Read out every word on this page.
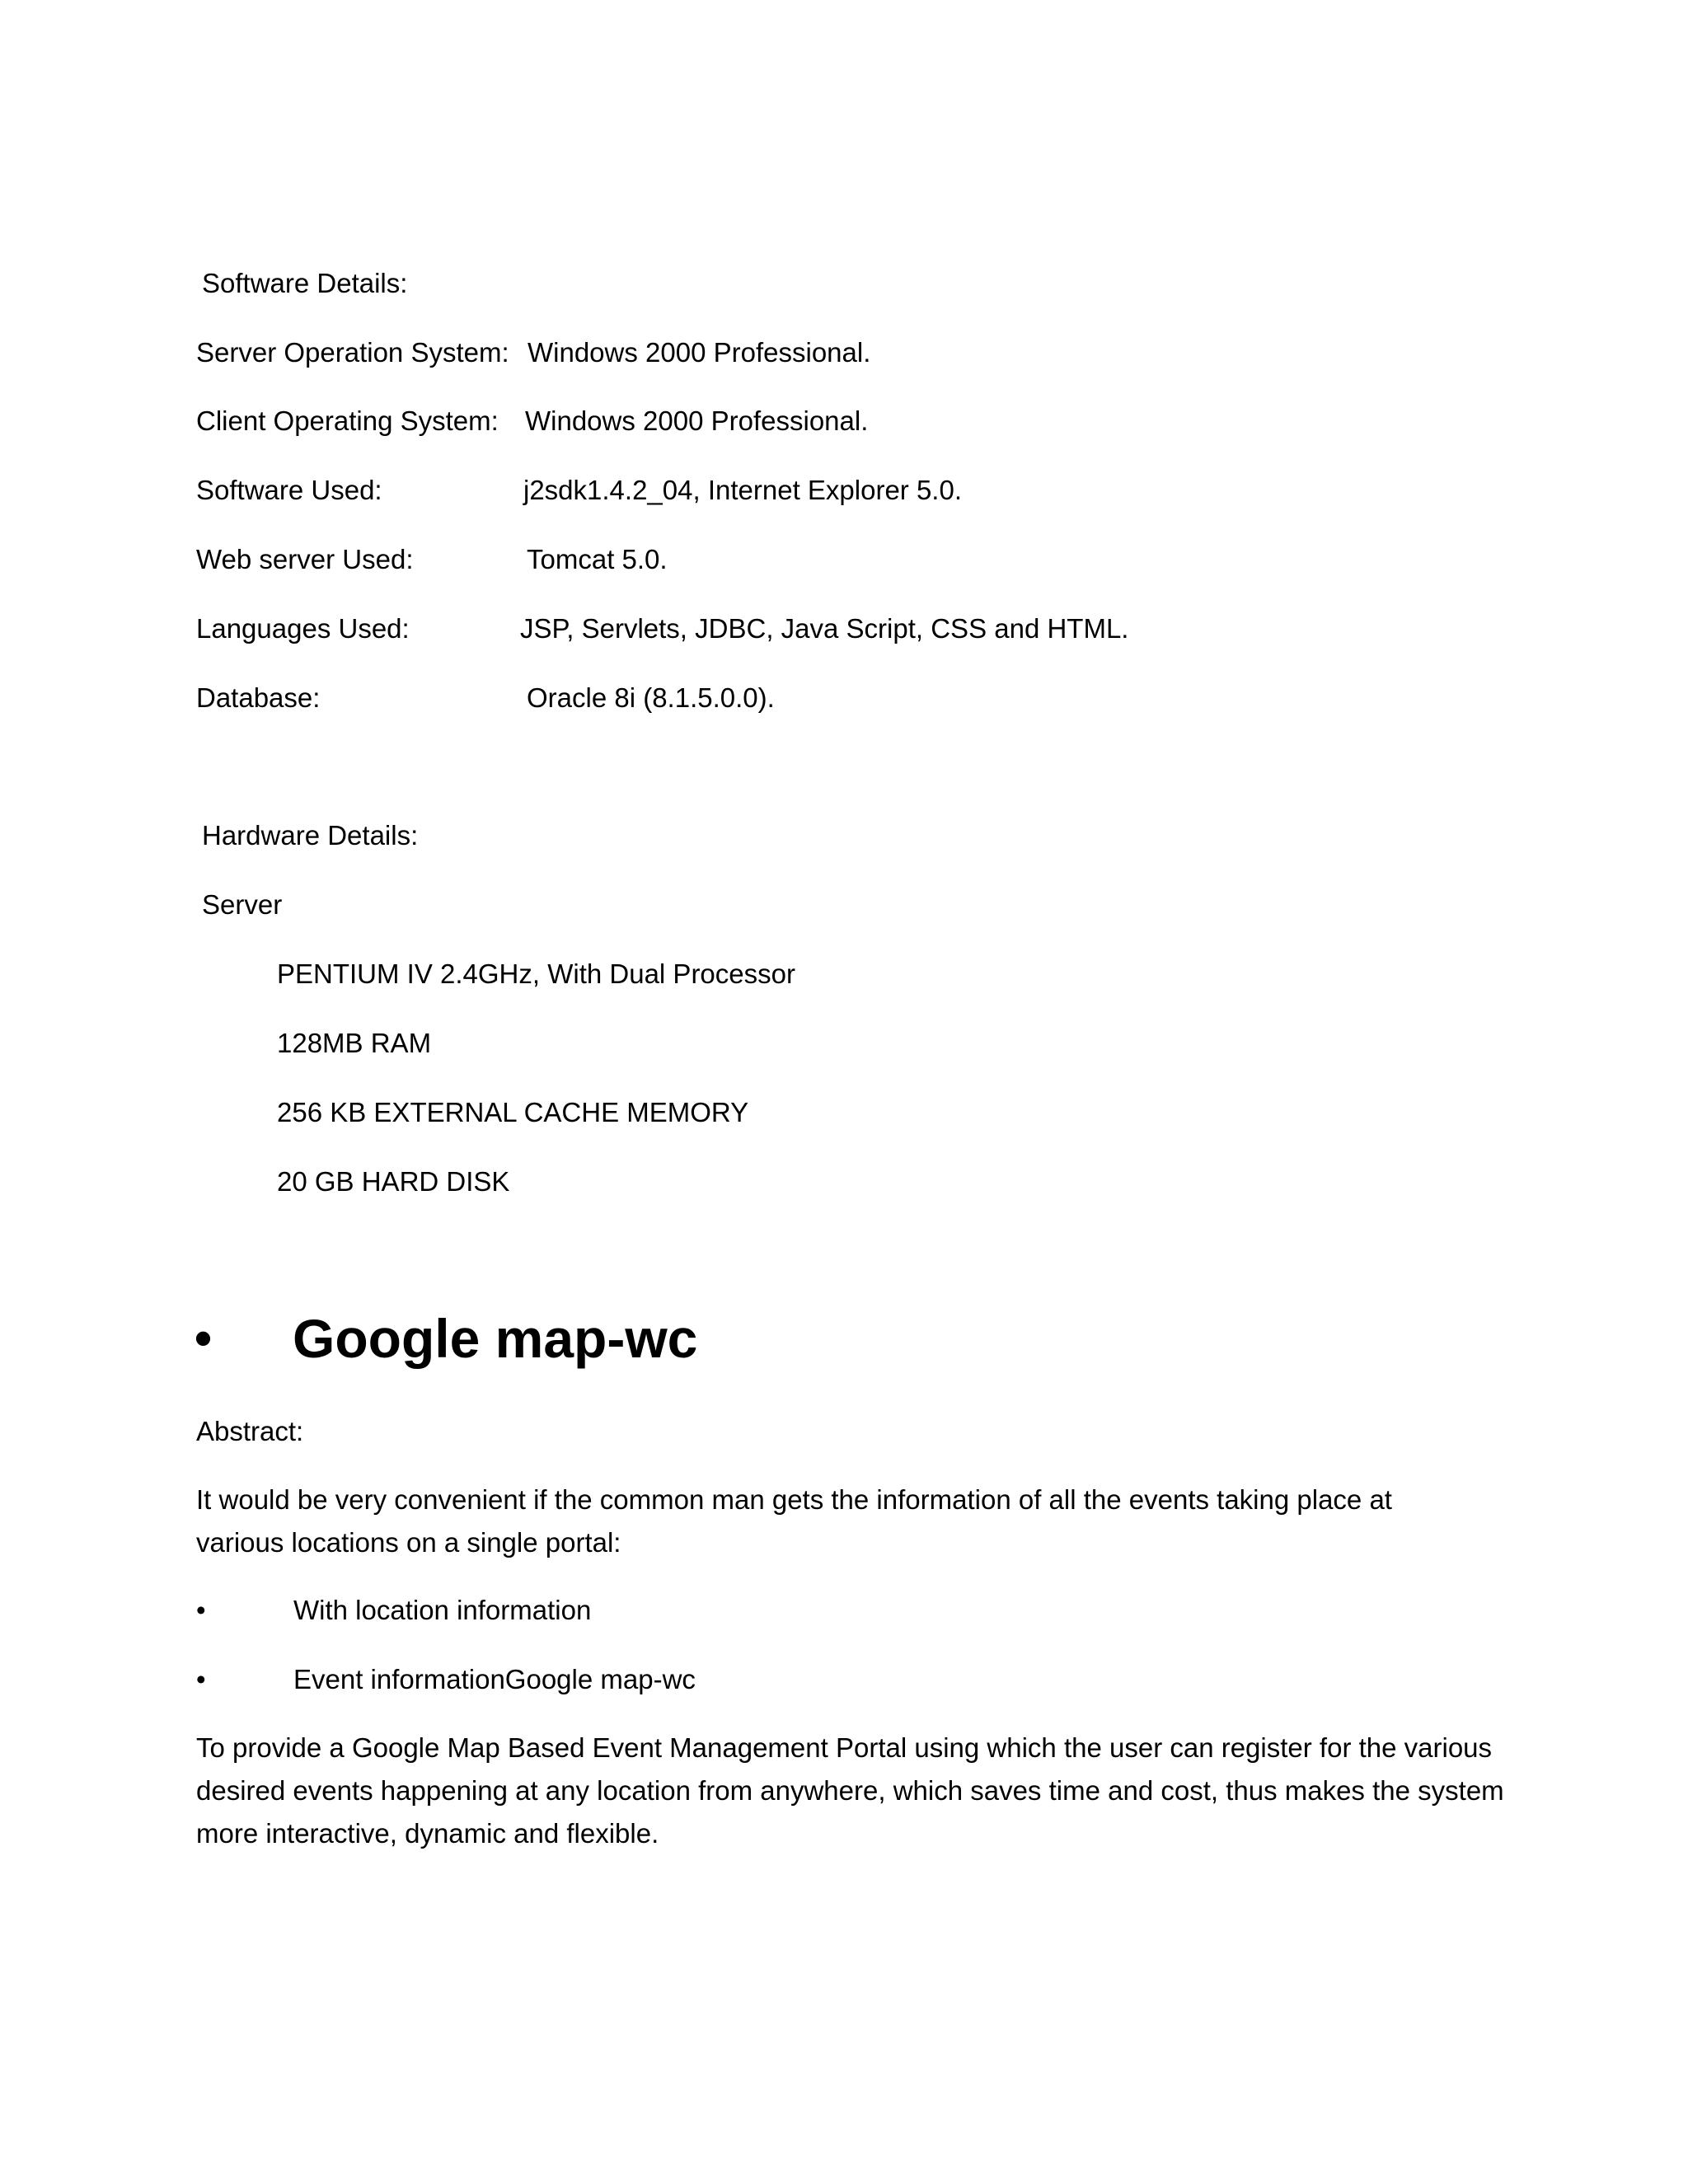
Software Details:
Server Operation System: Windows 2000 Professional.
Client Operating System: Windows 2000 Professional.
Software Used:	j2sdk1.4.2_04, Internet Explorer 5.0.
Web server Used:	Tomcat 5.0.
Languages Used:	JSP, Servlets, JDBC, Java Script, CSS and HTML.
Database:	Oracle 8i (8.1.5.0.0).
Hardware Details:
Server
PENTIUM IV 2.4GHz, With Dual Processor
128MB RAM
256 KB EXTERNAL CACHE MEMORY
20 GB HARD DISK
• Google map-wc
Abstract:
It would be very convenient if the common man gets the information of all the events taking place at various locations on a single portal:
•	With location information
•	Event informationGoogle map-wc
To provide a Google Map Based Event Management Portal using which the user can register for the various desired events happening at any location from anywhere, which saves time and cost, thus makes the system more interactive, dynamic and flexible.
